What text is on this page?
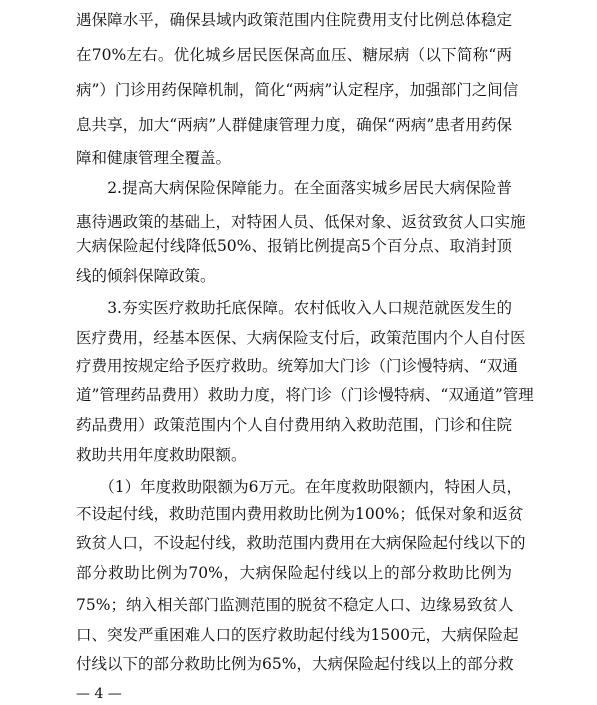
遇保障水平，确保县域内政策范围内住院费用支付比例总体稳定
在70%左右。优化城乡居民医保高血压、糖尿病（以下简称“两
病”）门诊用药保障机制，简化“两病”认定程序，加强部门之间信
息共享，加大“两病”人群健康管理力度，确保“两病”患者用药保
障和健康管理全覆盖。
　　2.提高大病保险保障能力。在全面落实城乡居民大病保险普
惠待遇政策的基础上，对特困人员、低保对象、返贫致贫人口实施
大病保险起付线降低50%、报销比例提高5个百分点、取消封顶
线的倾斜保障政策。
　　3.夯实医疗救助托底保障。农村低收入人口规范就医发生的
医疗费用，经基本医保、大病保险支付后，政策范围内个人自付医
疗费用按规定给予医疗救助。统筹加大门诊（门诊慢特病、“双通
道”管理药品费用）救助力度，将门诊（门诊慢特病、“双通道”管理
药品费用）政策范围内个人自付费用纳入救助范围，门诊和住院
救助共用年度救助限额。
　　（1）年度救助限额为6万元。在年度救助限额内，特困人员，
不设起付线，救助范围内费用救助比例为100%；低保对象和返贫
致贫人口，不设起付线，救助范围内费用在大病保险起付线以下的
部分救助比例为70%，大病保险起付线以上的部分救助比例为
75%；纳入相关部门监测范围的脱贫不稳定人口、边缘易致贫人
口、突发严重困难人口的医疗救助起付线为1500元，大病保险起
付线以下的部分救助比例为65%，大病保险起付线以上的部分救
— 4 —
